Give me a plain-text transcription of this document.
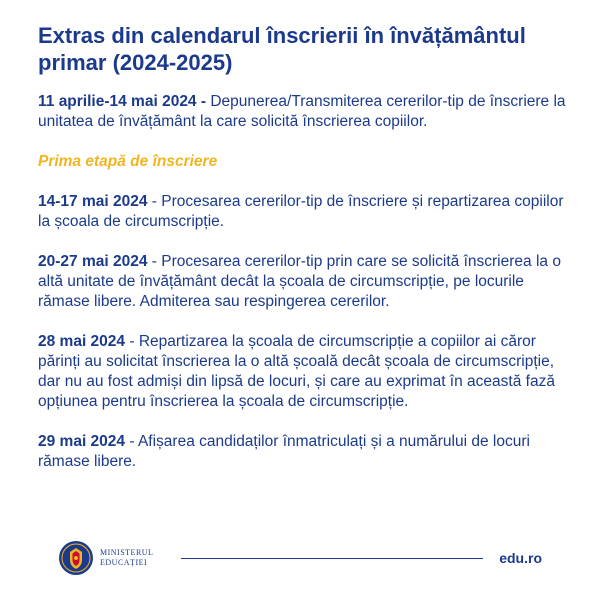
Extras din calendarul înscrierii în învățământul primar (2024-2025)

11 aprilie-14 mai 2024 - Depunerea/Transmiterea cererilor-tip de înscriere la unitatea de învățământ la care solicită înscrierea copiilor.

Prima etapă de înscriere

14-17 mai 2024 - Procesarea cererilor-tip de înscriere și repartizarea copiilor la școala de circumscripție.

20-27 mai 2024 - Procesarea cererilor-tip prin care se solicită înscrierea la o altă unitate de învățământ decât la școala de circumscripție, pe locurile rămase libere. Admiterea sau respingerea cererilor.

28 mai 2024 - Repartizarea la școala de circumscripție a copiilor ai căror părinți au solicitat înscrierea la o altă școală decât școala de circumscripție, dar nu au fost admiși din lipsă de locuri, și care au exprimat în această fază opțiunea pentru înscrierea la școala de circumscripție.

29 mai 2024 - Afișarea candidaților înmatriculați și a numărului de locuri rămase libere.

MINISTERUL
EDUCAȚIEI	edu.ro
